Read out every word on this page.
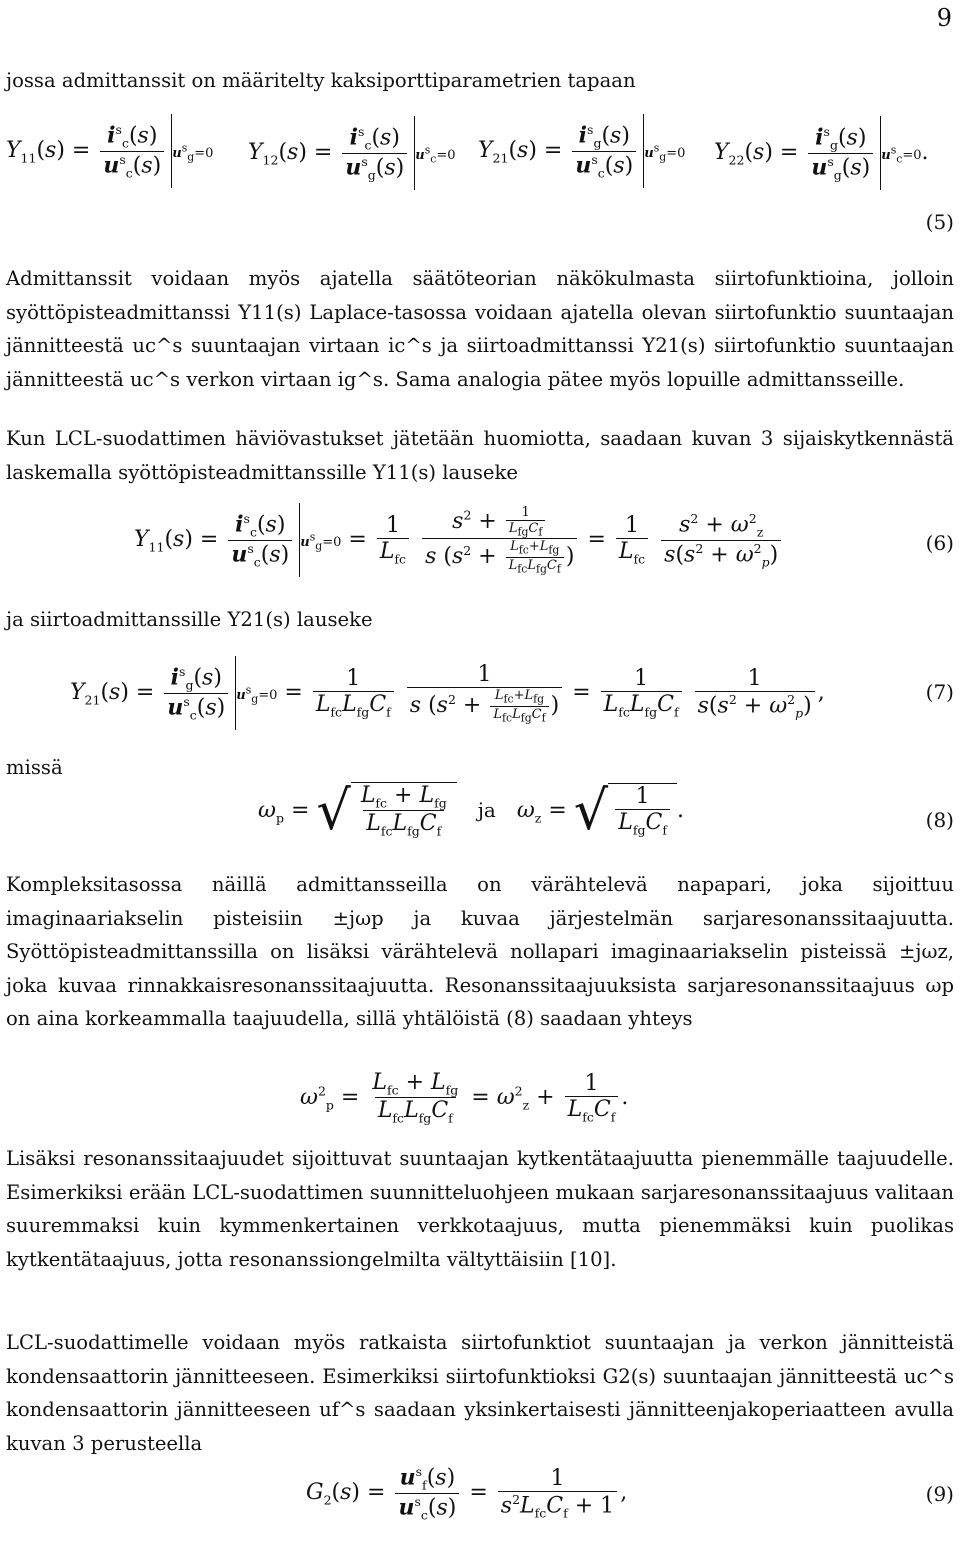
9
jossa admittanssit on määritelty kaksiporttiparametrien tapaan
$Y_{11}(s) = \frac{i^s_c(s)}{u^s_c(s)} u^s_g=0$ $Y_{12}(s) = \frac{i^s_c(s)}{u^s_g(s)} u^s_c=0$ $Y_{21}(s) = \frac{i^s_g(s)}{u^s_c(s)} u^s_g=0$ $Y_{22}(s) = \frac{i^s_g(s)}{u^s_g(s)} u^s_c=0$.
(5)
Admittanssit voidaan myös ajatella säätöteorian näkökulmasta siirtofunktioina, jolloin syöttöpisteadmittanssi Y11(s) Laplace-tasossa voidaan ajatella olevan siirtofunktio suuntaajan jännitteestä uc^s suuntaajan virtaan ic^s ja siirtoadmittanssi Y21(s) siirtofunktio suuntaajan jännitteestä uc^s verkon virtaan ig^s. Sama analogia pätee myös lopuille admittansseille.
Kun LCL-suodattimen häviövastukset jätetään huomiotta, saadaan kuvan 3 sijaiskytkennästä laskemalla syöttöpisteadmittanssille Y11(s) lauseke
$Y_{11}(s) = \frac{i^s_c(s)}{u^s_c(s)} u^s_g=0 = \frac{1}{L_{fc}}$
$s^2 + 1$
$L_{fg}C_f$
s ($s^2 + L_{fc}+L_{fg}$
$L_{fc}L_{fg}C_f$ ) = $\frac{1}{L_{fc}}$
$\frac{s^2 + \omega^2_z}{s(s^2 + \omega^2_p)}$	(6)
ja siirtoadmittanssille Y21(s) lauseke
$Y_{21}(s) = \frac{i^s_g(s)}{u^s_c(s)} u^s_g=0 = \frac{1}{L_{fc}L_{fg}C_f}$
1
s ($s^2 + L_{fc}+L_{fg}$
$L_{fc}L_{fg}C_f$ ) = $\frac{1}{L_{fc}L_{fg}C_f}$
$\frac{1}{s(s^2 + \omega^2_p)}$ ,	(7)
missä
$\omega_p$ = √ $\frac{L_{fc} + L_{fg}}{L_{fc}L_{fg}C_f}$ ja $\omega_z$ = √ $\frac{1}{L_{fg}C_f}$ .	(8)
Kompleksitasossa näillä admittansseilla on värähtelevä napapari, joka sijoittuu imaginaariakselin pisteisiin ±jωp ja kuvaa järjestelmän sarjaresonanssitaajuutta. Syöttöpisteadmittanssilla on lisäksi värähtelevä nollapari imaginaariakselin pisteissä ±jωz, joka kuvaa rinnakkaisresonanssitaajuutta. Resonanssitaajuuksista sarjaresonanssitaajuus ωp on aina korkeammalla taajuudella, sillä yhtälöistä (8) saadaan yhteys
$\omega^2_p = \frac{L_{fc} + L_{fg}}{L_{fc}L_{fg}C_f} = \omega^2_z + \frac{1}{L_{fc}C_f}$ .
Lisäksi resonanssitaajuudet sijoittuvat suuntaajan kytkentätaajuutta pienemmälle taajuudelle. Esimerkiksi erään LCL-suodattimen suunnitteluohjeen mukaan sarjaresonanssitaajuus valitaan suuremmaksi kuin kymmenkertainen verkkotaajuus, mutta pienemmäksi kuin puolikas kytkentätaajuus, jotta resonanssiongelmilta vältyttäisiin [10].
LCL-suodattimelle voidaan myös ratkaista siirtofunktiot suuntaajan ja verkon jännitteistä kondensaattorin jännitteeseen. Esimerkiksi siirtofunktioksi G2(s) suuntaajan jännitteestä uc^s kondensaattorin jännitteeseen uf^s saadaan yksinkertaisesti jännitteenjakoperiaatteen avulla kuvan 3 perusteella
$G_2(s) = \frac{u^s_f(s)}{u^s_c(s)} = \frac{1}{s^2L_{fc}C_f + 1}$ ,	(9)
